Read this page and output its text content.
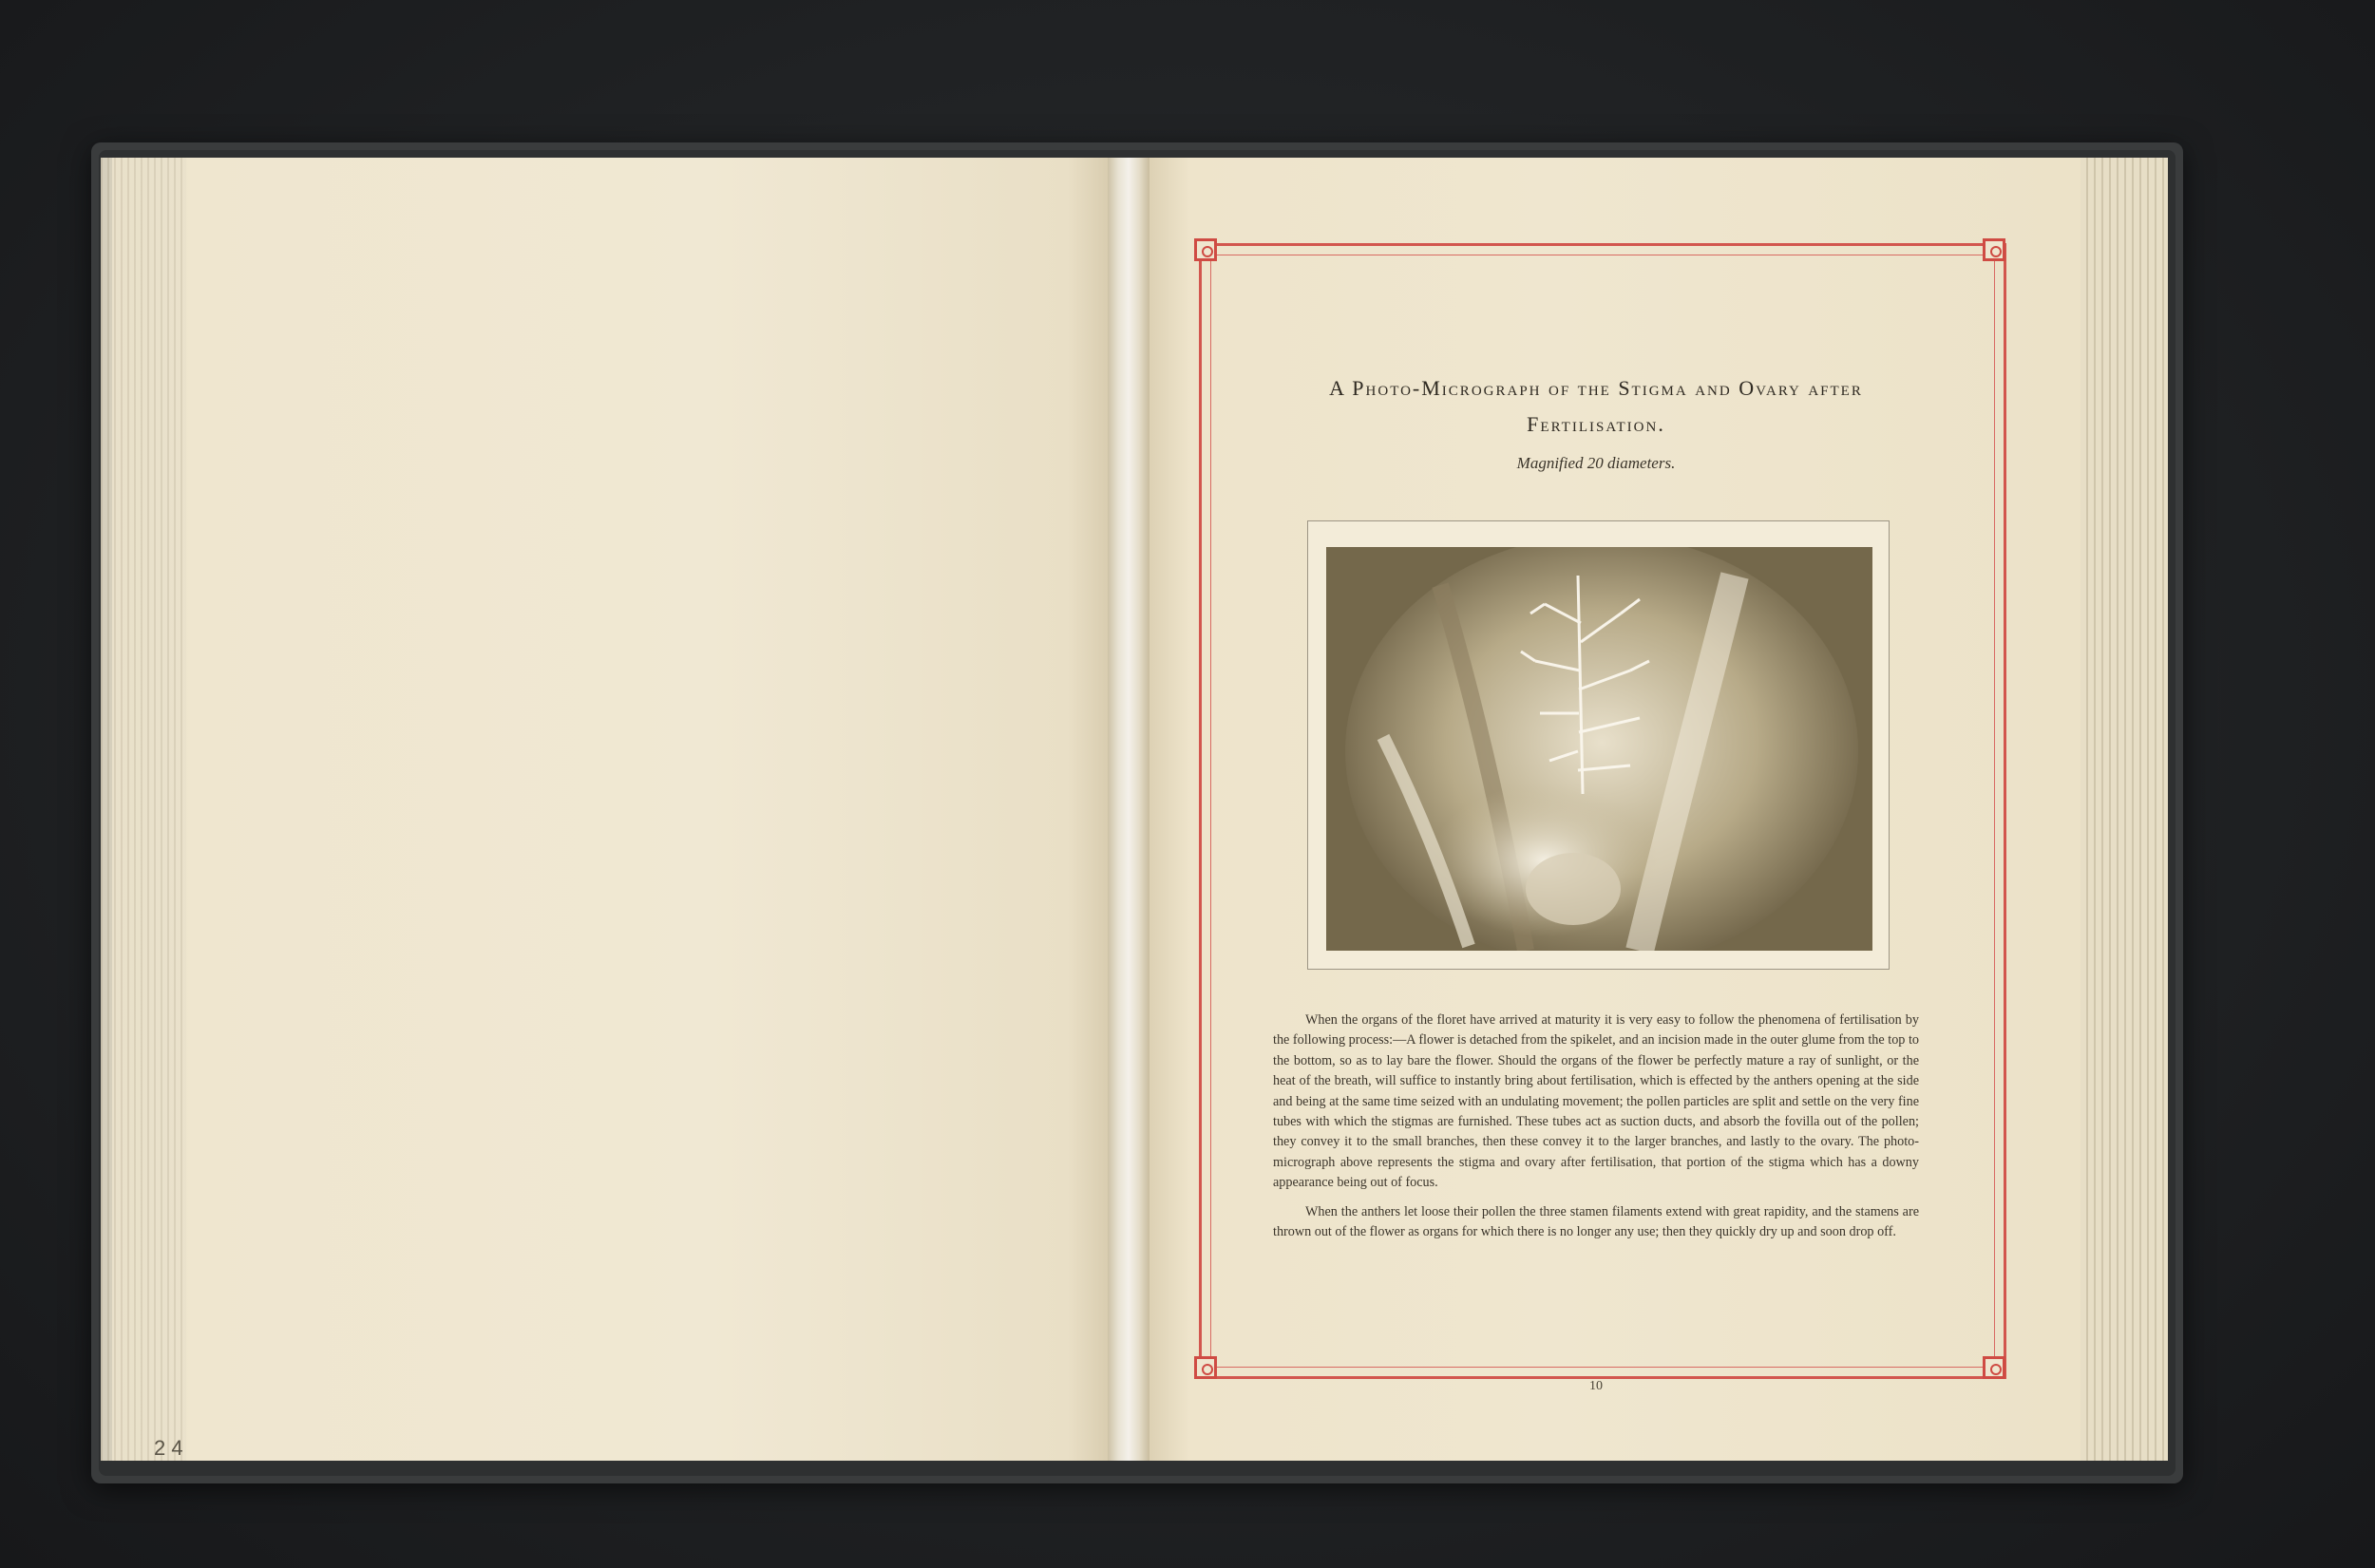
2 4
A Photo-Micrograph of the Stigma and Ovary after
Fertilisation.
Magnified 20 diameters.

When the organs of the floret have arrived at maturity it is very easy to follow the phenomena of fertilisation by the following process:—A flower is detached from the spikelet, and an incision made in the outer glume from the top to the bottom, so as to lay bare the flower. Should the organs of the flower be perfectly mature a ray of sunlight, or the heat of the breath, will suffice to instantly bring about fertilisation, which is effected by the anthers opening at the side and being at the same time seized with an undulating movement; the pollen particles are split and settle on the very fine tubes with which the stigmas are furnished. These tubes act as suction ducts, and absorb the fovilla out of the pollen; they convey it to the small branches, then these convey it to the larger branches, and lastly to the ovary. The photo-micrograph above represents the stigma and ovary after fertilisation, that portion of the stigma which has a downy appearance being out of focus.

When the anthers let loose their pollen the three stamen filaments extend with great rapidity, and the stamens are thrown out of the flower as organs for which there is no longer any use; then they quickly dry up and soon drop off.

10
